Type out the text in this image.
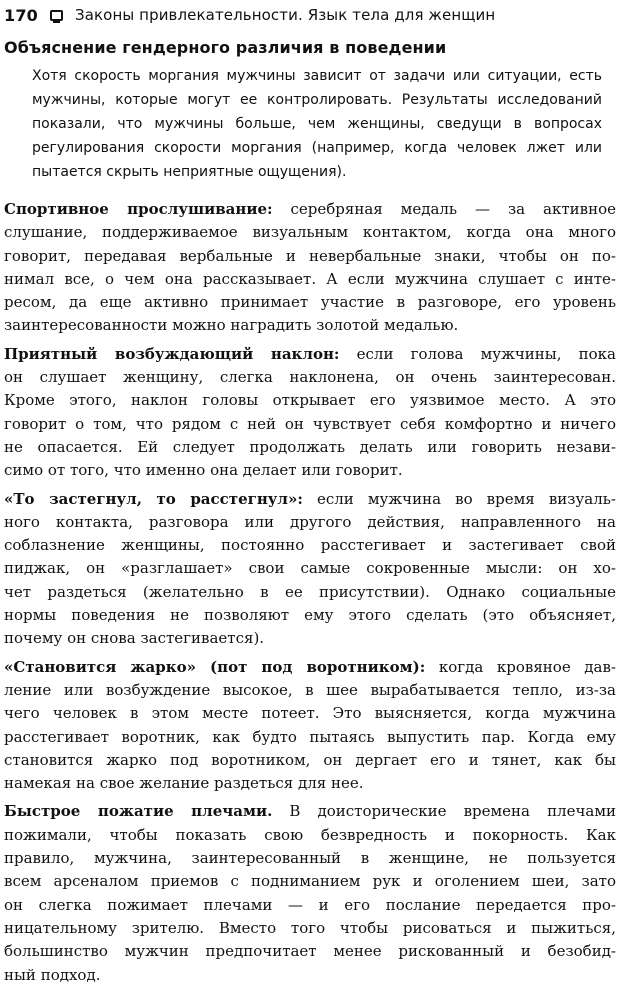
170 Законы привлекательности. Язык тела для женщин
Объяснение гендерного различия в поведении
Хотя скорость моргания мужчины зависит от задачи или ситуации, есть
мужчины, которые могут ее контролировать. Результаты исследований
показали, что мужчины больше, чем женщины, сведущи в вопросах
регулирования скорости моргания (например, когда человек лжет или
пытается скрыть неприятные ощущения).
Спортивное прослушивание: серебряная медаль — за активное
слушание, поддерживаемое визуальным контактом, когда она много
говорит, передавая вербальные и невербальные знаки, чтобы он по-
нимал все, о чем она рассказывает. А если мужчина слушает с инте-
ресом, да еще активно принимает участие в разговоре, его уровень
заинтересованности можно наградить золотой медалью.
Приятный возбуждающий наклон: если голова мужчины, пока
он слушает женщину, слегка наклонена, он очень заинтересован.
Кроме этого, наклон головы открывает его уязвимое место. А это
говорит о том, что рядом с ней он чувствует себя комфортно и ничего
не опасается. Ей следует продолжать делать или говорить незави-
симо от того, что именно она делает или говорит.
«То застегнул, то расстегнул»: если мужчина во время визуаль-
ного контакта, разговора или другого действия, направленного на
соблазнение женщины, постоянно расстегивает и застегивает свой
пиджак, он «разглашает» свои самые сокровенные мысли: он хо-
чет раздеться (желательно в ее присутствии). Однако социальные
нормы поведения не позволяют ему этого сделать (это объясняет,
почему он снова застегивается).
«Становится жарко» (пот под воротником): когда кровяное дав-
ление или возбуждение высокое, в шее вырабатывается тепло, из-за
чего человек в этом месте потеет. Это выясняется, когда мужчина
расстегивает воротник, как будто пытаясь выпустить пар. Когда ему
становится жарко под воротником, он дергает его и тянет, как бы
намекая на свое желание раздеться для нее.
Быстрое пожатие плечами. В доисторические времена плечами
пожимали, чтобы показать свою безвредность и покорность. Как
правило, мужчина, заинтересованный в женщине, не пользуется
всем арсеналом приемов с подниманием рук и оголением шеи, зато
он слегка пожимает плечами — и его послание передается про-
ницательному зрителю. Вместо того чтобы рисоваться и пыжиться,
большинство мужчин предпочитает менее рискованный и безобид-
ный подход.
